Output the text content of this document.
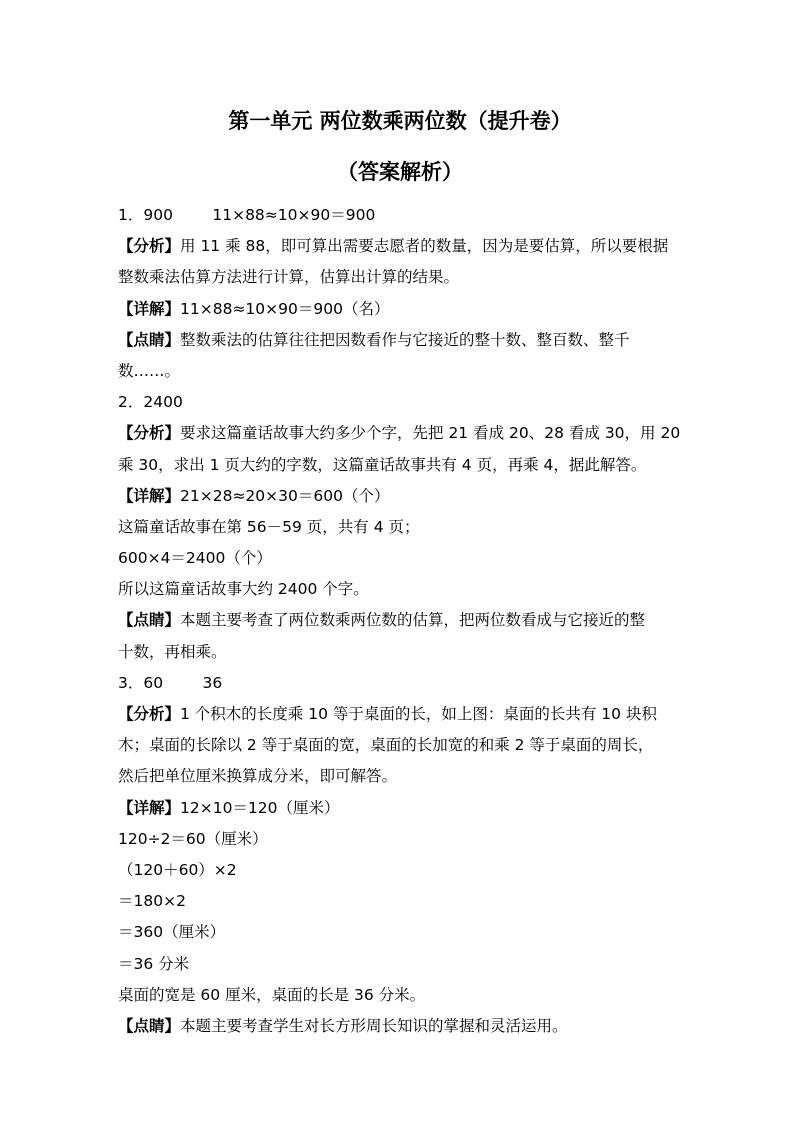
第一单元 两位数乘两位数（提升卷）
（答案解析）
1．900        11×88≈10×90＝900
【分析】用 11 乘 88，即可算出需要志愿者的数量，因为是要估算，所以要根据
整数乘法估算方法进行计算，估算出计算的结果。
【详解】11×88≈10×90＝900（名）
【点睛】整数乘法的估算往往把因数看作与它接近的整十数、整百数、整千
数……。
2．2400
【分析】要求这篇童话故事大约多少个字，先把 21 看成 20、28 看成 30，用 20
乘 30，求出 1 页大约的字数，这篇童话故事共有 4 页，再乘 4，据此解答。
【详解】21×28≈20×30＝600（个）
这篇童话故事在第 56－59 页，共有 4 页；
600×4＝2400（个）
所以这篇童话故事大约 2400 个字。
【点睛】本题主要考查了两位数乘两位数的估算，把两位数看成与它接近的整
十数，再相乘。
3．60        36
【分析】1 个积木的长度乘 10 等于桌面的长，如上图：桌面的长共有 10 块积
木；桌面的长除以 2 等于桌面的宽，桌面的长加宽的和乘 2 等于桌面的周长，
然后把单位厘米换算成分米，即可解答。
【详解】12×10＝120（厘米）
120÷2＝60（厘米）
（120＋60）×2
＝180×2
＝360（厘米）
＝36 分米
桌面的宽是 60 厘米，桌面的长是 36 分米。
【点睛】本题主要考查学生对长方形周长知识的掌握和灵活运用。
